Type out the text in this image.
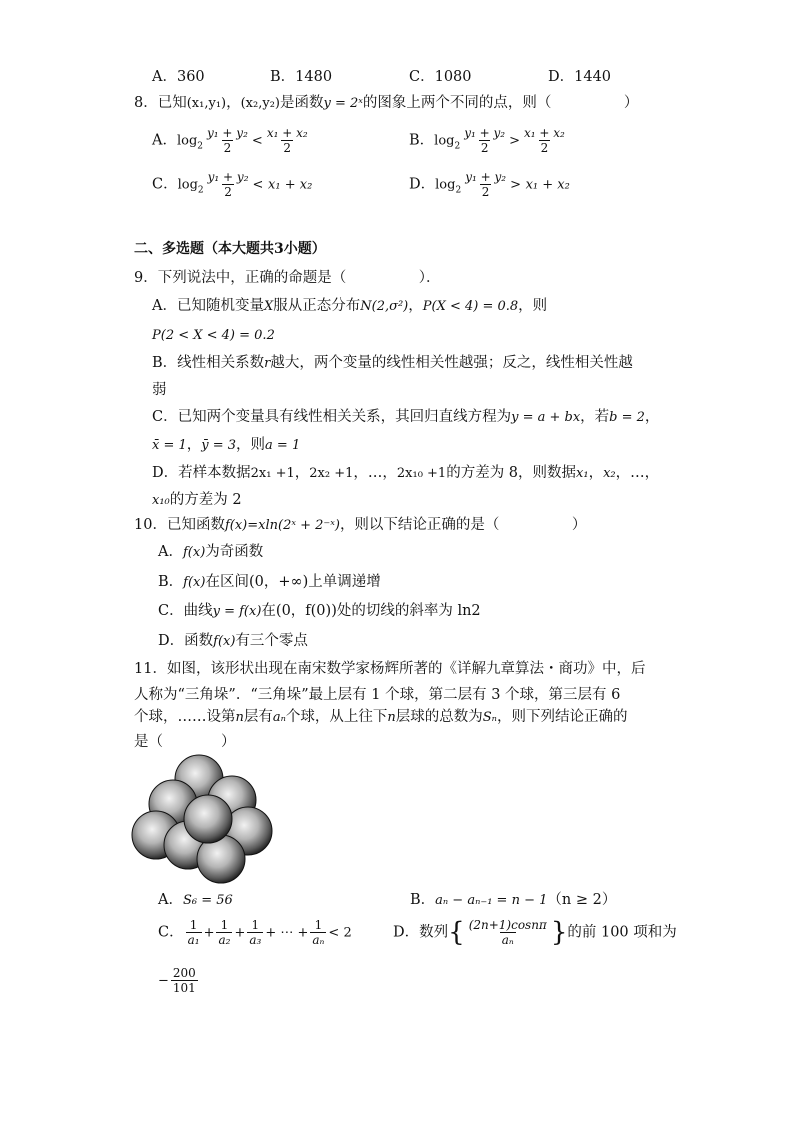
A．360	B．1480	C．1080	D．1440
8．已知(x₁,y₁)，(x₂,y₂)是函数y = 2ˣ的图象上两个不同的点，则（　　　　　）
A．$\log_2 \frac{\text{y₁ + y₂}}{2} < \frac{\text{x₁ + x₂}}{2}$	B．$\log_2 \frac{\text{y₁ + y₂}}{2} > \frac{\text{x₁ + x₂}}{2}$
C．$\log_2 \frac{\text{y₁ + y₂}}{2} < x_1 + x_2$	D．$\log_2 \frac{\text{y₁ + y₂}}{2} > x_1 + x_2$
二、多选题（本大题共3小题）
9．下列说法中，正确的命题是（　　　　　）．
A．已知随机变量X服从正态分布N(2,σ²)，P(X < 4) = 0.8，则
P(2 < X < 4) = 0.2
B．线性相关系数r越大，两个变量的线性相关性越强；反之，线性相关性越
弱
C．已知两个变量具有线性相关关系，其回归直线方程为y = a + bx，若b = 2，
x̄ = 1，ȳ = 3，则a = 1
D．若样本数据2x₁ +1，2x₂ +1，…，2x₁₀ +1的方差为 8，则数据x₁，x₂，…，
x₁₀的方差为 2
10．已知函数f(x)=xln(2ˣ + 2⁻ˣ)，则以下结论正确的是（　　　　　）
A．f(x)为奇函数
B．f(x)在区间(0，+∞)上单调递增
C．曲线y = f(x)在(0，f(0))处的切线的斜率为 ln2
D．函数f(x)有三个零点
11．如图，该形状出现在南宋数学家杨辉所著的《详解九章算法・商功》中，后
人称为“三角垛”．“三角垛”最上层有 1 个球，第二层有 3 个球，第三层有 6
个球，……设第n层有aₙ个球，从上往下n层球的总数为Sₙ，则下列结论正确的
是（　　　　）
A．S₆ = 56	B．aₙ − aₙ₋₁ = n − 1（n ≥ 2）
C． $\frac{1}{\text{a₁}} + \frac{1}{\text{a₂}} + \frac{1}{\text{a₃}}$ + ⋯ + $\frac{1}{\text{aₙ}} < 2$	D．数列{ $\frac{(2n+1)\cos n\pi}{\text{aₙ}}$ }的前 100 项和为
− $\frac{200}{101}$
